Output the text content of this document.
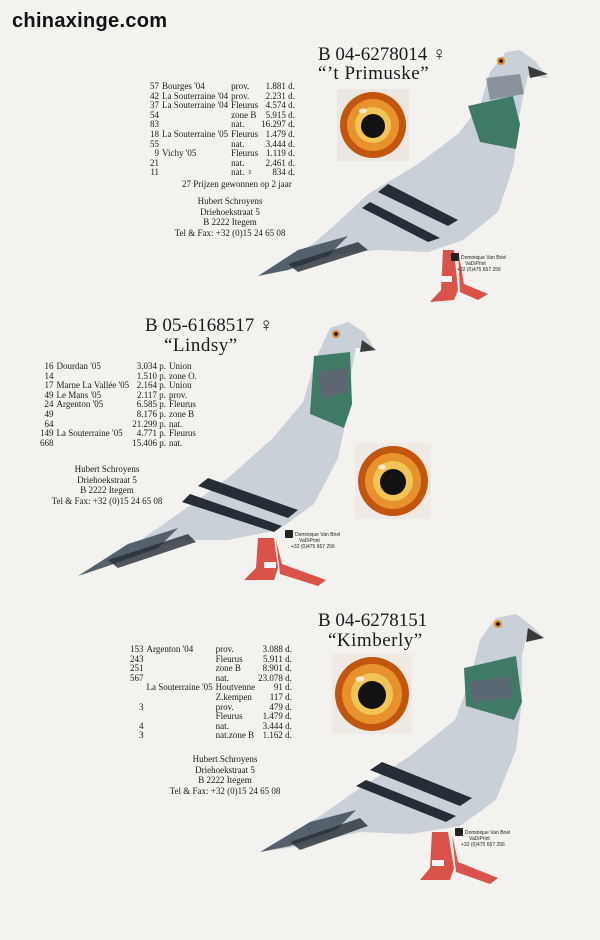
chinaxinge.com
B 04-6278014 ♀
“’t Primuske”
57	Bourges '04	prov.	1.881 d.
42	La Souterraine '04	prov.	2.231 d.
37	La Souterraine '04	Fleurus	4.574 d.
54		zone B	5.915 d.
83		nat.	16.297 d.
18	La Souterraine '05	Fleurus	1.479 d.
55		nat.	3.444 d.
9	Vichy '05	Fleurus	1.119 d.
21		nat.	2.461 d.
11		nat. ♀	834 d.
27 Prijzen gewonnen op 2 jaar
Hubert Schroyens
Driehoekstraat 5
B 2222 Itegem
Tel & Fax: +32 (0)15 24 65 08
Dominique Van Briel
VaDiPrint
+32 (0)475 657 256
B 05-6168517 ♀
“Lindsy”
16	Dourdan '05	3.034 p.	Union
14		1.510 p.	zone O.
17	Marne La Vallée '05	2.164 p.	Union
49	Le Mans '05	2.117 p.	prov.
24	Argenton '05	6.585 p.	Fleurus
49		8.176 p.	zone B
64		21.299 p.	nat.
149	La Souterraine '05	4.771 p.	Fleurus
668		15.406 p.	nat.
Hubert Schroyens
Driehoekstraat 5
B 2222 Itegem
Tel & Fax: +32 (0)15 24 65 08
Dominique Van Briel
VaDiPrint
+32 (0)475 657 256
B 04-6278151
“Kimberly”
153	Argenton '04	prov.	3.088 d.
243		Fleurus	5.911 d.
251		zone B	8.901 d.
567		nat.	23.078 d.
	La Souterraine '05	Houtvenne	91 d.
		Z.kempen	117 d.
3		prov.	479 d.
		Fleurus	1.479 d.
4		nat.	3.444 d.
3		nat.zone B	1.162 d.
Hubert Schroyens
Driehoekstraat 5
B 2222 Itegem
Tel & Fax: +32 (0)15 24 65 08
Dominique Van Briel
VaDiPrint
+32 (0)475 657 256
